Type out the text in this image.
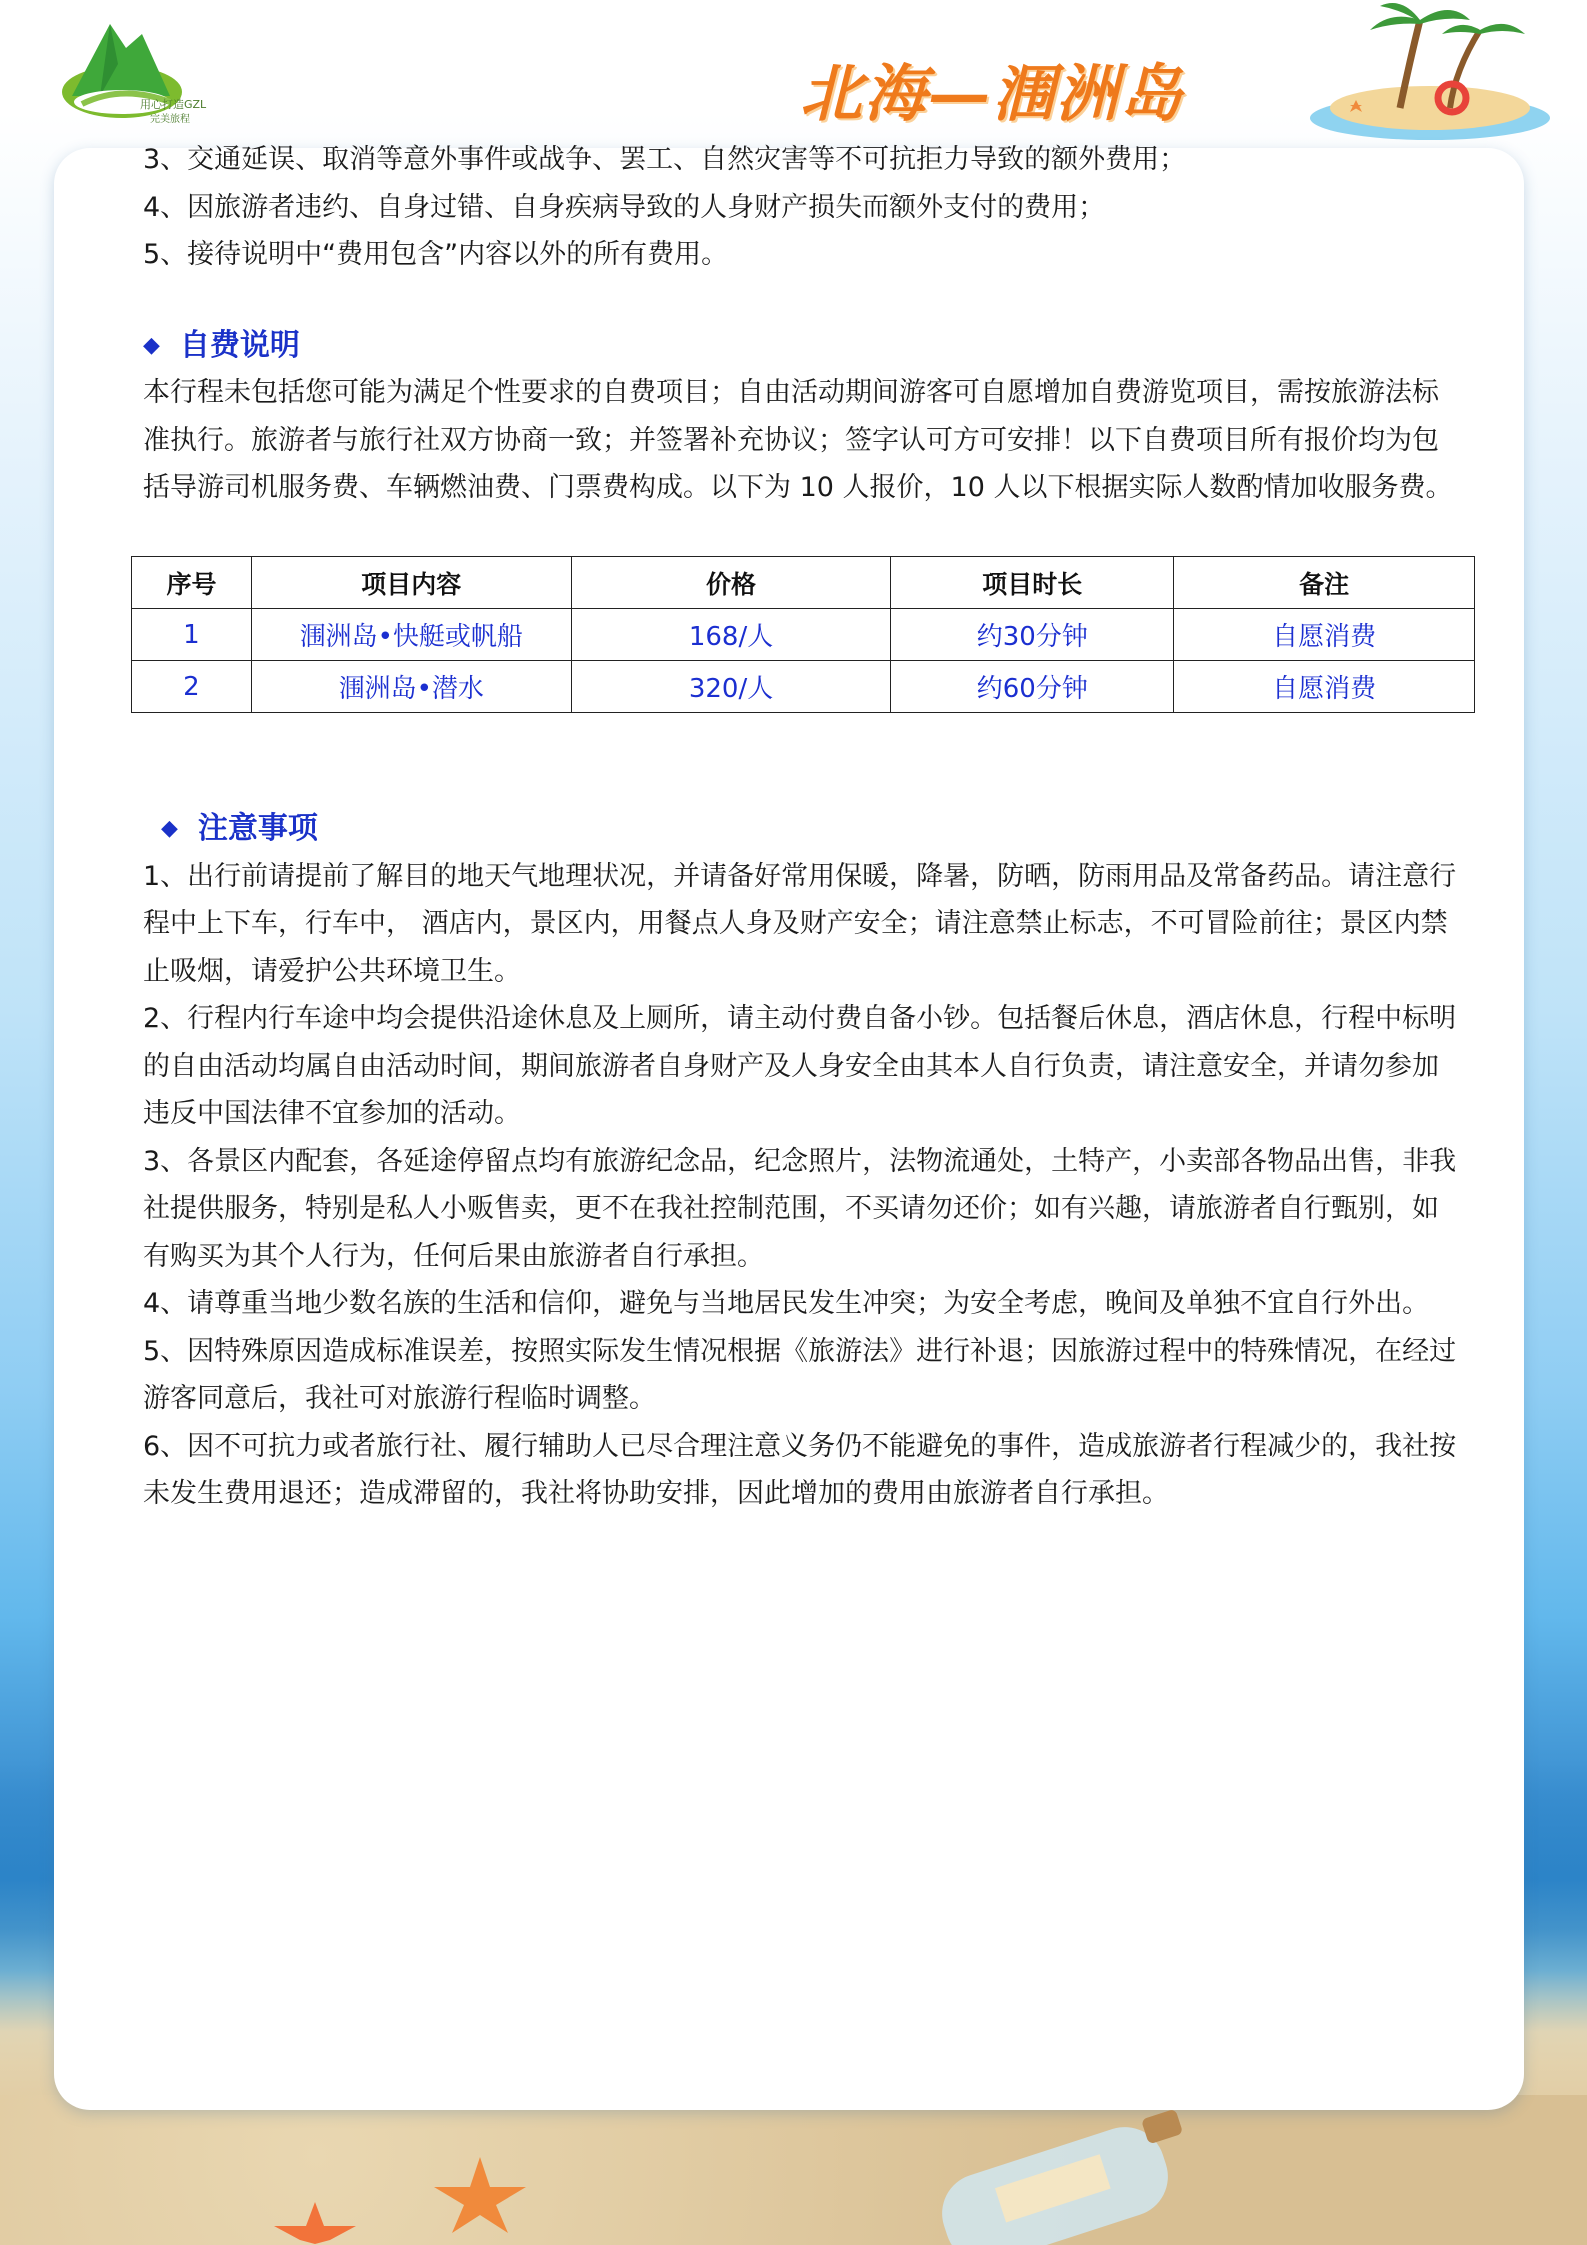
用心打造GZL
完美旅程	北海—涠洲岛

3、交通延误、取消等意外事件或战争、罢工、自然灾害等不可抗拒力导致的额外费用；

4、因旅游者违约、自身过错、自身疾病导致的人身财产损失而额外支付的费用；

5、接待说明中“费用包含”内容以外的所有费用。

◆ 自费说明

本行程未包括您可能为满足个性要求的自费项目；自由活动期间游客可自愿增加自费游览项目，需按旅游法标

准执行。旅游者与旅行社双方协商一致；并签署补充协议；签字认可方可安排！以下自费项目所有报价均为包

括导游司机服务费、车辆燃油费、门票费构成。以下为 10 人报价，10 人以下根据实际人数酌情加收服务费。

序号	项目内容	价格	项目时长	备注
1	涠洲岛•快艇或帆船	168/人	约30分钟	自愿消费
2	涠洲岛•潜水	320/人	约60分钟	自愿消费
◆ 注意事项

1、出行前请提前了解目的地天气地理状况，并请备好常用保暖，降暑，防晒，防雨用品及常备药品。请注意行

程中上下车，行车中， 酒店内，景区内，用餐点人身及财产安全；请注意禁止标志，不可冒险前往；景区内禁

止吸烟，请爱护公共环境卫生。

2、行程内行车途中均会提供沿途休息及上厕所，请主动付费自备小钞。包括餐后休息，酒店休息，行程中标明

的自由活动均属自由活动时间，期间旅游者自身财产及人身安全由其本人自行负责，请注意安全，并请勿参加

违反中国法律不宜参加的活动。

3、各景区内配套，各延途停留点均有旅游纪念品，纪念照片，法物流通处，土特产，小卖部各物品出售，非我

社提供服务，特别是私人小贩售卖，更不在我社控制范围，不买请勿还价；如有兴趣，请旅游者自行甄别，如

有购买为其个人行为，任何后果由旅游者自行承担。

4、请尊重当地少数名族的生活和信仰，避免与当地居民发生冲突；为安全考虑，晚间及单独不宜自行外出。

5、因特殊原因造成标准误差，按照实际发生情况根据《旅游法》进行补退；因旅游过程中的特殊情况，在经过

游客同意后，我社可对旅游行程临时调整。

6、因不可抗力或者旅行社、履行辅助人已尽合理注意义务仍不能避免的事件，造成旅游者行程减少的，我社按

未发生费用退还；造成滞留的，我社将协助安排，因此增加的费用由旅游者自行承担。
